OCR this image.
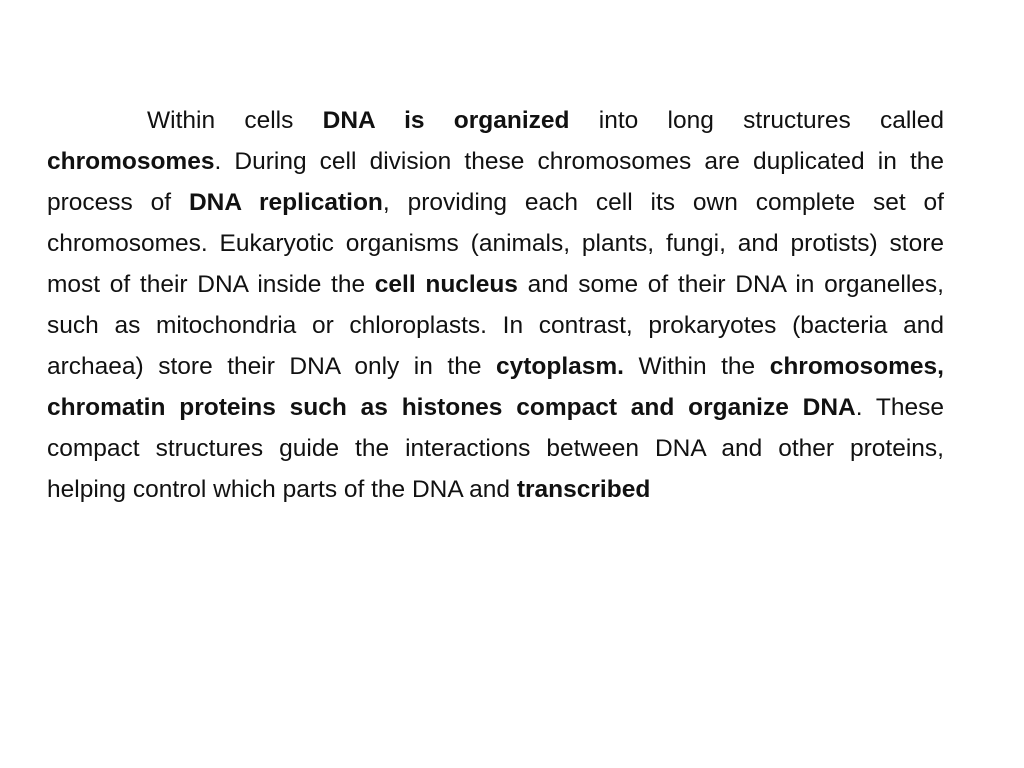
Within cells DNA is organized into long structures called chromosomes. During cell division these chromosomes are duplicated in the process of DNA replication, providing each cell its own complete set of chromosomes. Eukaryotic organisms (animals, plants, fungi, and protists) store most of their DNA inside the cell nucleus and some of their DNA in organelles, such as mitochondria or chloroplasts. In contrast, prokaryotes (bacteria and archaea) store their DNA only in the cytoplasm. Within the chromosomes, chromatin proteins such as histones compact and organize DNA. These compact structures guide the interactions between DNA and other proteins, helping control which parts of the DNA and transcribed
